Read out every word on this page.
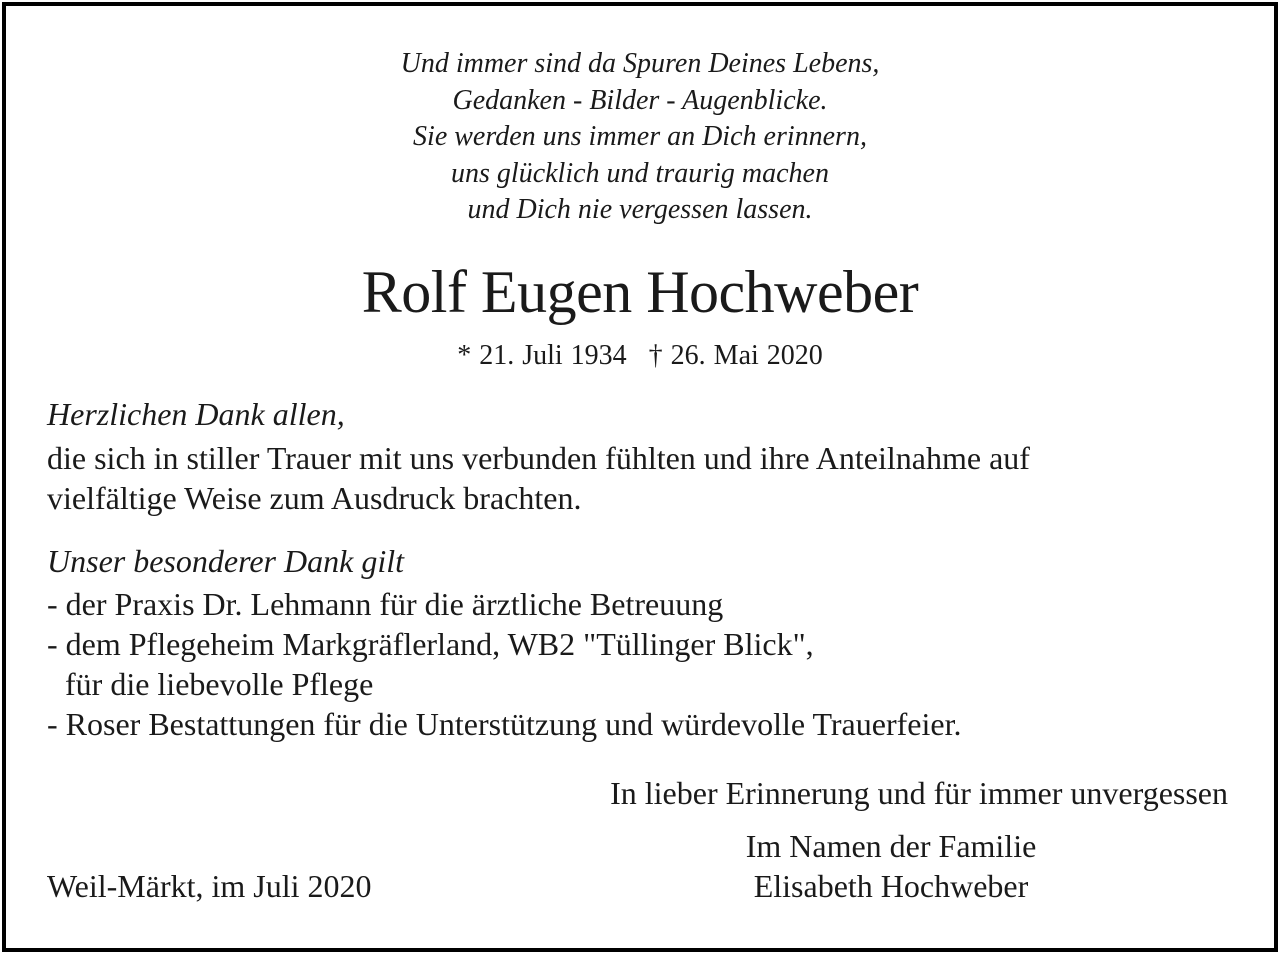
Und immer sind da Spuren Deines Lebens,
Gedanken - Bilder - Augenblicke.
Sie werden uns immer an Dich erinnern,
uns glücklich und traurig machen
und Dich nie vergessen lassen.
Rolf Eugen Hochweber
* 21. Juli 1934 † 26. Mai 2020
Herzlichen Dank allen,
die sich in stiller Trauer mit uns verbunden fühlten und ihre Anteilnahme auf
vielfältige Weise zum Ausdruck brachten.
Unser besonderer Dank gilt
- der Praxis Dr. Lehmann für die ärztliche Betreuung
- dem Pflegeheim Markgräflerland, WB2 "Tüllinger Blick",
für die liebevolle Pflege
- Roser Bestattungen für die Unterstützung und würdevolle Trauerfeier.
In lieber Erinnerung und für immer unvergessen
Im Namen der Familie
Elisabeth Hochweber
Weil-Märkt, im Juli 2020
